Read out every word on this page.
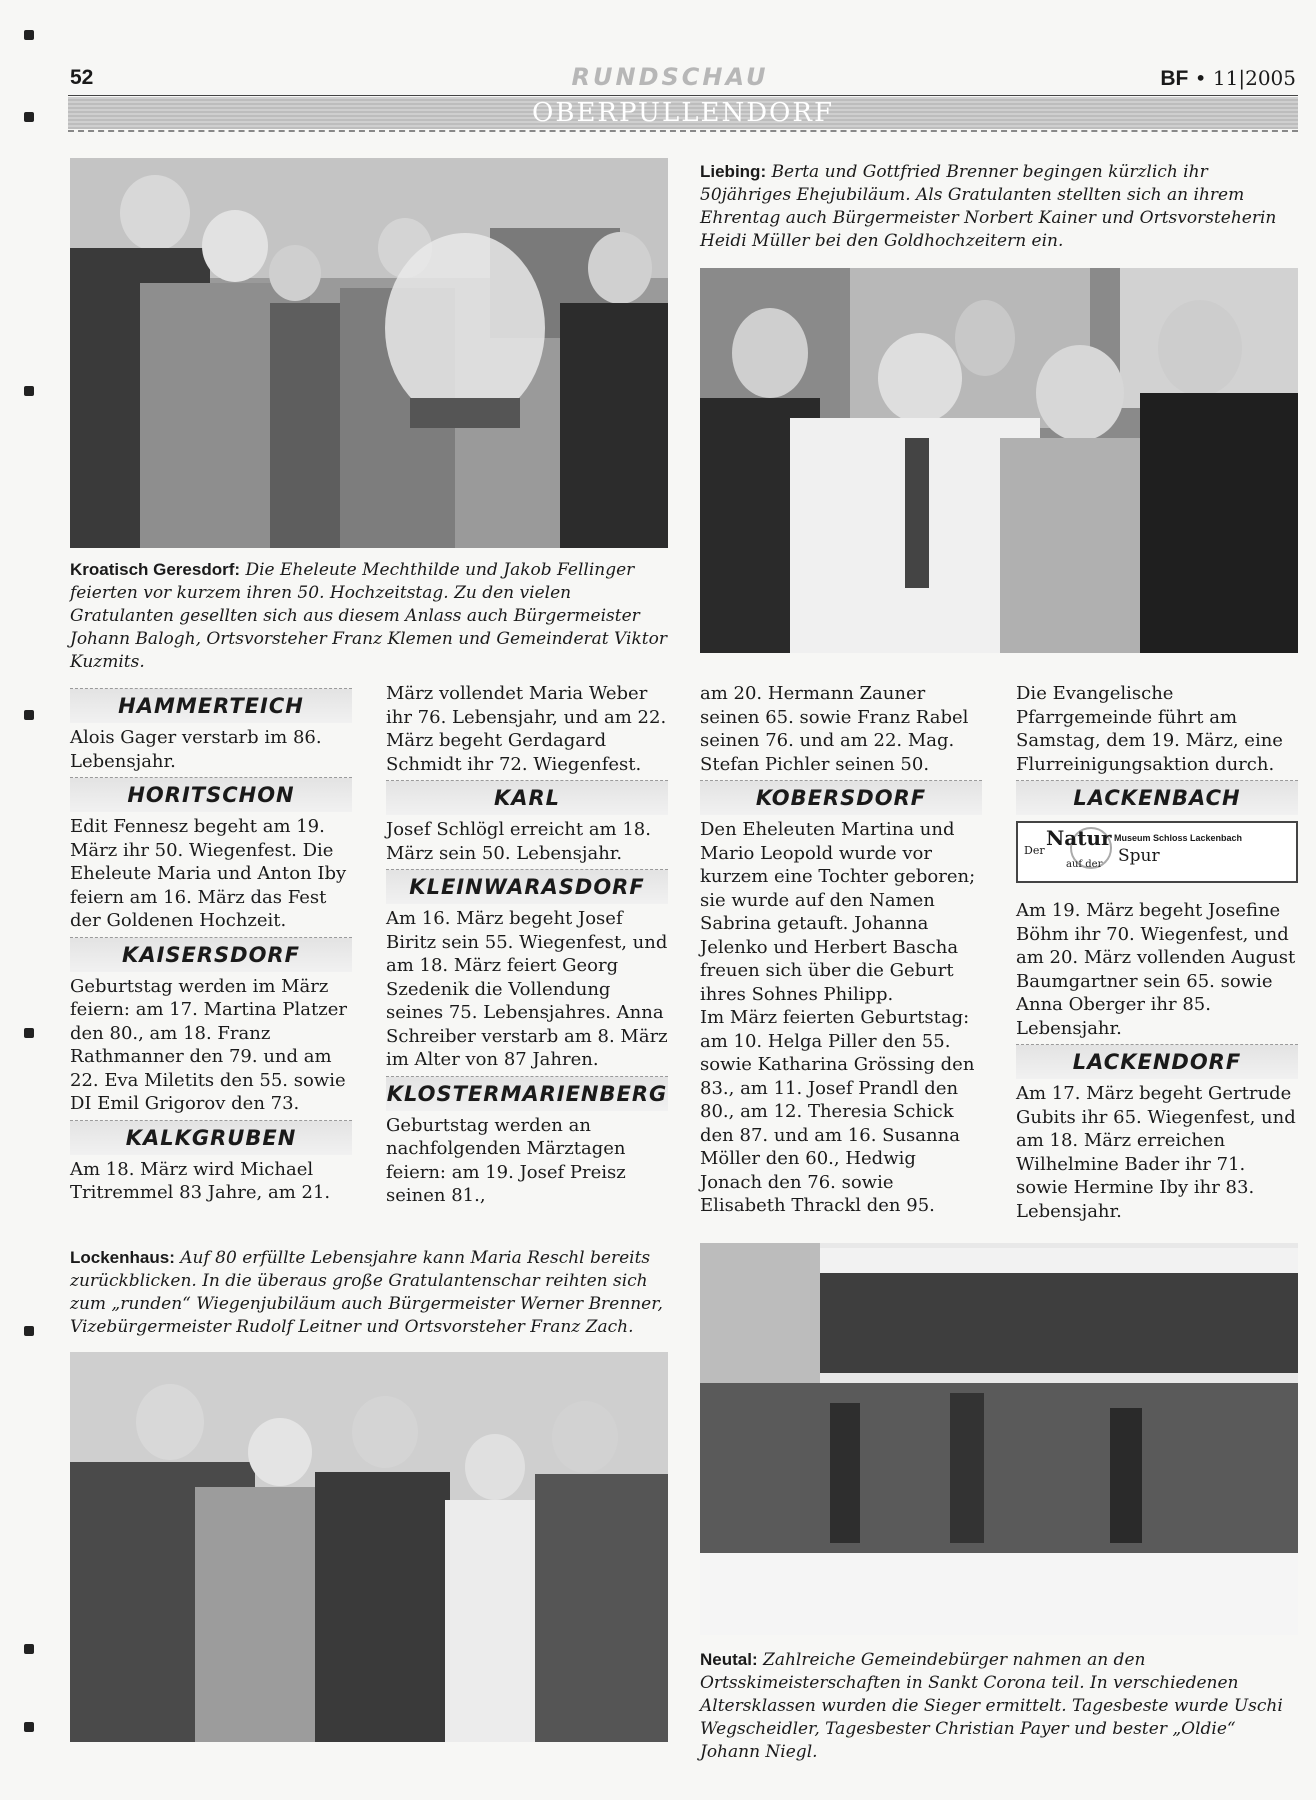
52	RUNDSCHAU	BF • 11|2005
OBERPULLENDORF
Kroatisch Geresdorf: Die Eheleute Mechthilde und Jakob Fellinger feierten vor kurzem ihren 50. Hochzeitstag. Zu den vielen Gratulanten gesellten sich aus diesem Anlass auch Bürgermeister Johann Balogh, Ortsvorsteher Franz Klemen und Gemeinderat Viktor Kuzmits.
Liebing: Berta und Gottfried Brenner begingen kürzlich ihr 50jähriges Ehejubiläum. Als Gratulanten stellten sich an ihrem Ehrentag auch Bürgermeister Norbert Kainer und Ortsvorsteherin Heidi Müller bei den Goldhochzeitern ein.
HAMMERTEICH

Alois Gager verstarb im 86. Lebensjahr.

HORITSCHON

Edit Fennesz begeht am 19. März ihr 50. Wiegenfest. Die Eheleute Maria und Anton Iby feiern am 16. März das Fest der Goldenen Hochzeit.

KAISERSDORF

Geburtstag werden im März feiern: am 17. Martina Platzer den 80., am 18. Franz Rathmanner den 79. und am 22. Eva Miletits den 55. sowie DI Emil Grigorov den 73.

KALKGRUBEN

Am 18. März wird Michael Tritremmel 83 Jahre, am 21.

März vollendet Maria Weber ihr 76. Lebensjahr, und am 22. März begeht Gerdagard Schmidt ihr 72. Wiegenfest.

KARL

Josef Schlögl erreicht am 18. März sein 50. Lebensjahr.

KLEINWARASDORF

Am 16. März begeht Josef Biritz sein 55. Wiegenfest, und am 18. März feiert Georg Szedenik die Vollendung seines 75. Lebensjahres. Anna Schreiber verstarb am 8. März im Alter von 87 Jahren.

KLOSTERMARIENBERG

Geburtstag werden an nachfolgenden Märztagen feiern: am 19. Josef Preisz seinen 81.,

am 20. Hermann Zauner seinen 65. sowie Franz Rabel seinen 76. und am 22. Mag. Stefan Pichler seinen 50.

KOBERSDORF

Den Eheleuten Martina und Mario Leopold wurde vor kurzem eine Tochter geboren; sie wurde auf den Namen Sabrina getauft. Johanna Jelenko und Herbert Bascha freuen sich über die Geburt ihres Sohnes Philipp.

Im März feierten Geburtstag: am 10. Helga Piller den 55. sowie Katharina Grössing den 83., am 11. Josef Prandl den 80., am 12. Theresia Schick den 87. und am 16. Susanna Möller den 60., Hedwig Jonach den 76. sowie Elisabeth Thrackl den 95.

Die Evangelische Pfarrgemeinde führt am Samstag, dem 19. März, eine Flurreinigungsaktion durch.

LACKENBACH
Der
Natur
auf der Spur
Museum Schloss Lackenbach

Am 19. März begeht Josefine Böhm ihr 70. Wiegenfest, und am 20. März vollenden August Baumgartner sein 65. sowie Anna Oberger ihr 85. Lebensjahr.

LACKENDORF

Am 17. März begeht Gertrude Gubits ihr 65. Wiegenfest, und am 18. März erreichen Wilhelmine Bader ihr 71. sowie Hermine Iby ihr 83. Lebensjahr.

Lockenhaus: Auf 80 erfüllte Lebensjahre kann Maria Reschl bereits zurückblicken. In die überaus große Gratulantenschar reihten sich zum „runden“ Wiegenjubiläum auch Bürgermeister Werner Brenner, Vizebürgermeister Rudolf Leitner und Ortsvorsteher Franz Zach.
Neutal: Zahlreiche Gemeindebürger nahmen an den Ortsskimeisterschaften in Sankt Corona teil. In verschiedenen Altersklassen wurden die Sieger ermittelt. Tagesbeste wurde Uschi Wegscheidler, Tagesbester Christian Payer und bester „Oldie“ Johann Niegl.
